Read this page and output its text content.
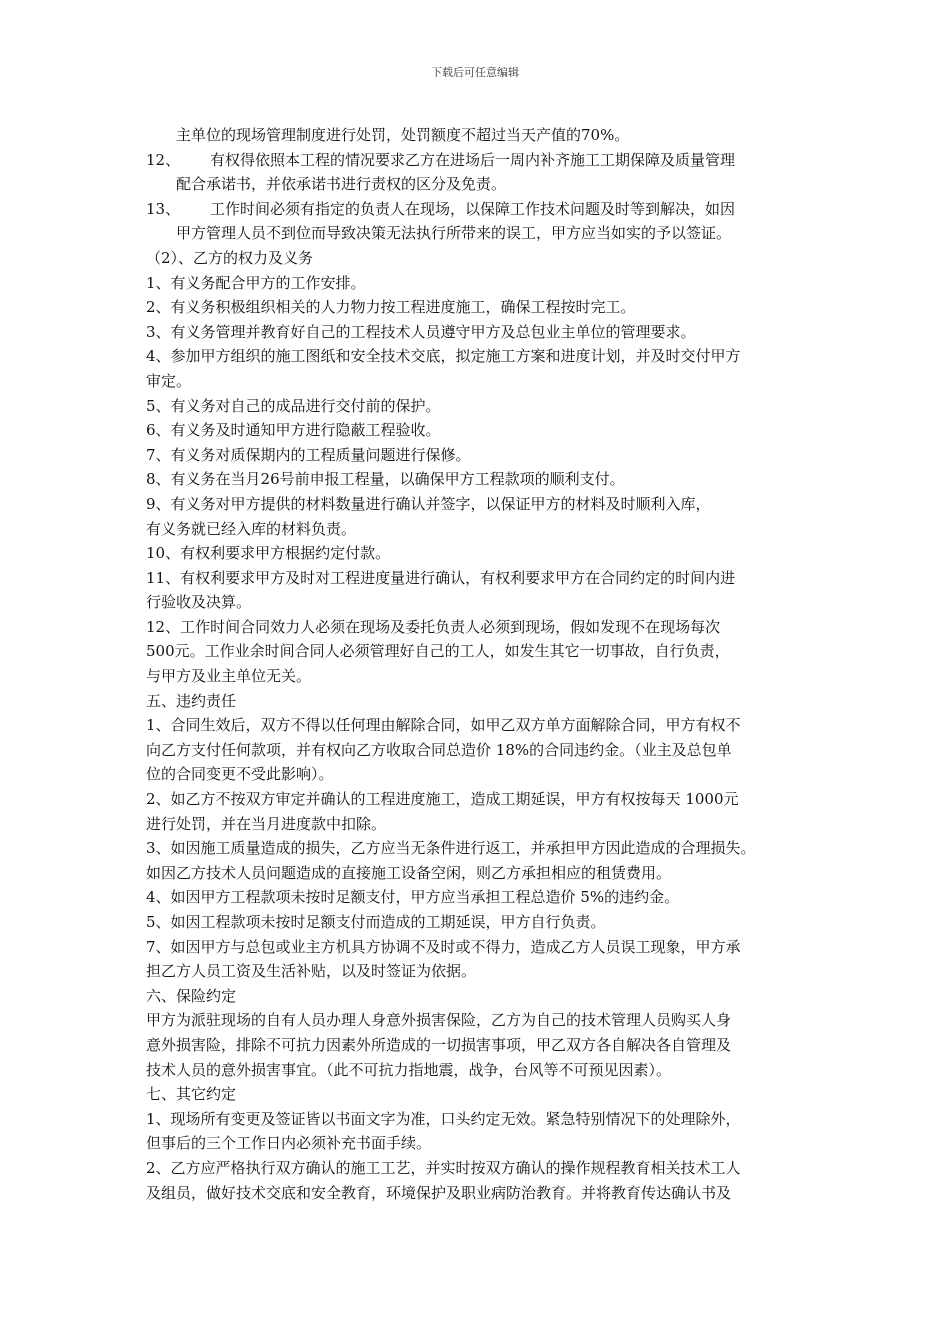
下载后可任意编辑

主单位的现场管理制度进行处罚，处罚额度不超过当天产值的70%。

12、 有权得依照本工程的情况要求乙方在进场后一周内补齐施工工期保障及质量管理

配合承诺书，并依承诺书进行责权的区分及免责。

13、 工作时间必须有指定的负责人在现场，以保障工作技术问题及时等到解决，如因

甲方管理人员不到位而导致决策无法执行所带来的误工，甲方应当如实的予以签证。

（2）、乙方的权力及义务

1、有义务配合甲方的工作安排。

2、有义务积极组织相关的人力物力按工程进度施工，确保工程按时完工。

3、有义务管理并教育好自己的工程技术人员遵守甲方及总包业主单位的管理要求。

4、参加甲方组织的施工图纸和安全技术交底，拟定施工方案和进度计划，并及时交付甲方

审定。

5、有义务对自己的成品进行交付前的保护。

6、有义务及时通知甲方进行隐蔽工程验收。

7、有义务对质保期内的工程质量问题进行保修。

8、有义务在当月26号前申报工程量，以确保甲方工程款项的顺利支付。

9、有义务对甲方提供的材料数量进行确认并签字，以保证甲方的材料及时顺利入库，

有义务就已经入库的材料负责。

10、有权利要求甲方根据约定付款。

11、有权利要求甲方及时对工程进度量进行确认，有权利要求甲方在合同约定的时间内进

行验收及决算。

12、工作时间合同效力人必须在现场及委托负责人必须到现场，假如发现不在现场每次

500元。工作业余时间合同人必须管理好自己的工人，如发生其它一切事故，自行负责，

与甲方及业主单位无关。

五、违约责任

1、合同生效后，双方不得以任何理由解除合同，如甲乙双方单方面解除合同，甲方有权不

向乙方支付任何款项，并有权向乙方收取合同总造价 18%的合同违约金。（业主及总包单

位的合同变更不受此影响）。

2、如乙方不按双方审定并确认的工程进度施工，造成工期延误，甲方有权按每天 1000元

进行处罚，并在当月进度款中扣除。

3、如因施工质量造成的损失，乙方应当无条件进行返工，并承担甲方因此造成的合理损失。

如因乙方技术人员问题造成的直接施工设备空闲，则乙方承担相应的租赁费用。

4、如因甲方工程款项未按时足额支付，甲方应当承担工程总造价 5%的违约金。

5、如因工程款项未按时足额支付而造成的工期延误，甲方自行负责。

7、如因甲方与总包或业主方机具方协调不及时或不得力，造成乙方人员误工现象，甲方承

担乙方人员工资及生活补贴，以及时签证为依据。

六、保险约定

甲方为派驻现场的自有人员办理人身意外损害保险，乙方为自己的技术管理人员购买人身

意外损害险，排除不可抗力因素外所造成的一切损害事项，甲乙双方各自解决各自管理及

技术人员的意外损害事宜。（此不可抗力指地震，战争，台风等不可预见因素）。

七、其它约定

1、现场所有变更及签证皆以书面文字为准，口头约定无效。紧急特别情况下的处理除外，

但事后的三个工作日内必须补充书面手续。

2、乙方应严格执行双方确认的施工工艺，并实时按双方确认的操作规程教育相关技术工人

及组员，做好技术交底和安全教育，环境保护及职业病防治教育。并将教育传达确认书及
